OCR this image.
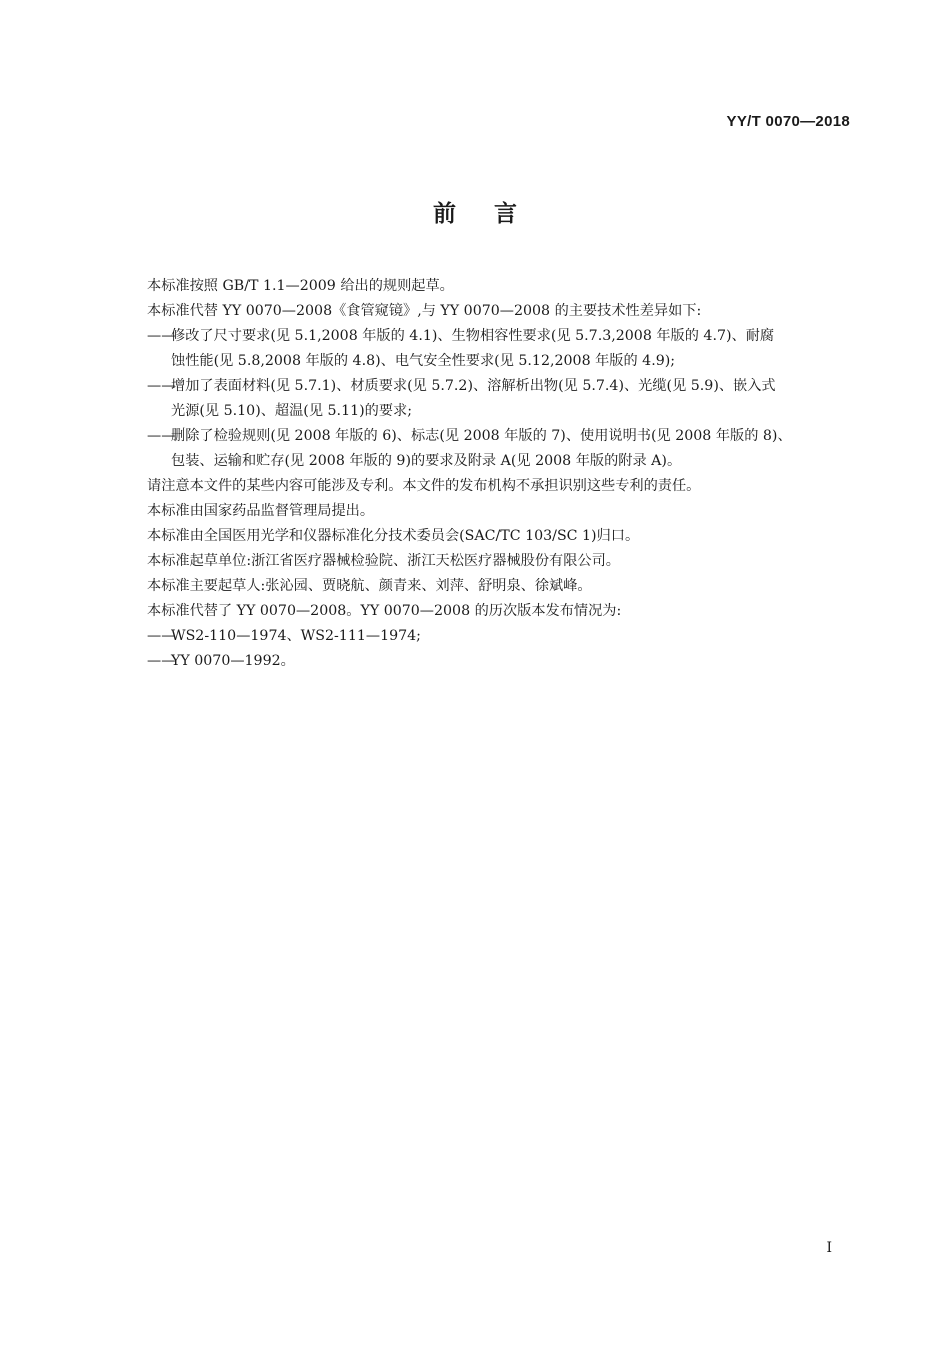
YY/T 0070—2018
前言

本标准按照 GB/T 1.1—2009 给出的规则起草。

本标准代替 YY 0070—2008《食管窥镜》,与 YY 0070—2008 的主要技术性差异如下:

——
修改了尺寸要求(见 5.1,2008 年版的 4.1)、生物相容性要求(见 5.7.3,2008 年版的 4.7)、耐腐
蚀性能(见 5.8,2008 年版的 4.8)、电气安全性要求(见 5.12,2008 年版的 4.9);
——
增加了表面材料(见 5.7.1)、材质要求(见 5.7.2)、溶解析出物(见 5.7.4)、光缆(见 5.9)、嵌入式
光源(见 5.10)、超温(见 5.11)的要求;
——
删除了检验规则(见 2008 年版的 6)、标志(见 2008 年版的 7)、使用说明书(见 2008 年版的 8)、
包装、运输和贮存(见 2008 年版的 9)的要求及附录 A(见 2008 年版的附录 A)。

请注意本文件的某些内容可能涉及专利。本文件的发布机构不承担识别这些专利的责任。

本标准由国家药品监督管理局提出。

本标准由全国医用光学和仪器标准化分技术委员会(SAC/TC 103/SC 1)归口。

本标准起草单位:浙江省医疗器械检验院、浙江天松医疗器械股份有限公司。

本标准主要起草人:张沁园、贾晓航、颜青来、刘萍、舒明泉、徐斌峰。

本标准代替了 YY 0070—2008。YY 0070—2008 的历次版本发布情况为:

——
WS2-110—1974、WS2-111—1974;
——
YY 0070—1992。
I
